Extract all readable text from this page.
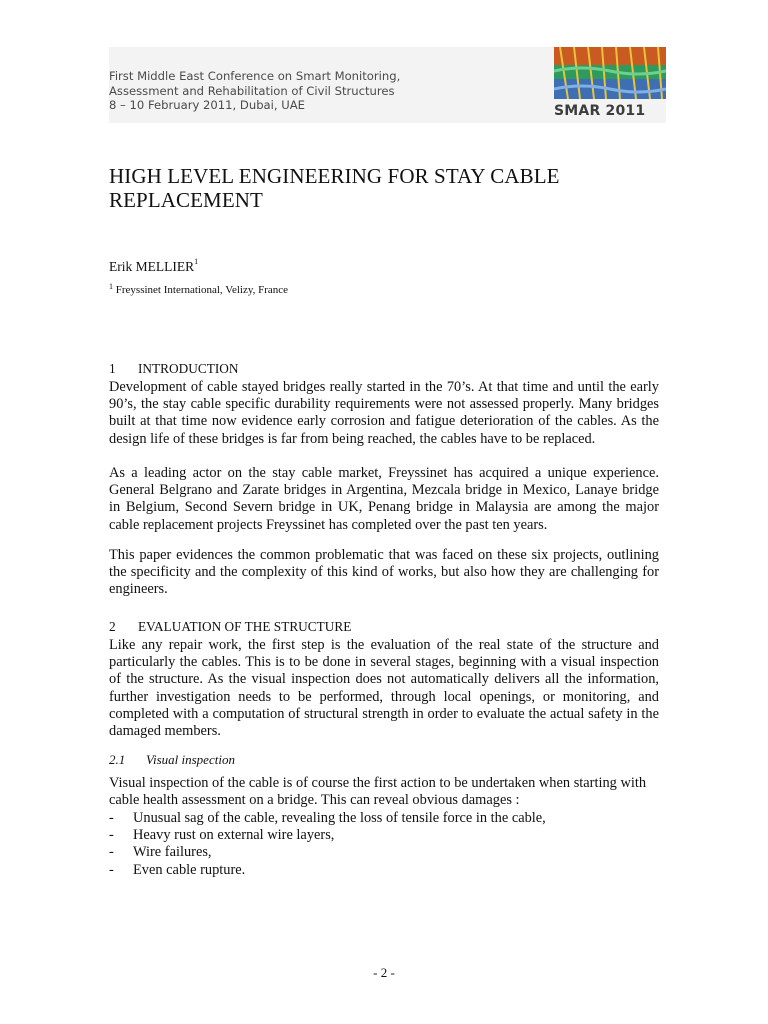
First Middle East Conference on Smart Monitoring,
Assessment and Rehabilitation of Civil Structures
8 – 10 February 2011, Dubai, UAE	SMAR 2011
HIGH LEVEL ENGINEERING FOR STAY CABLE REPLACEMENT
Erik MELLIER$^1$
$^1$ Freyssinet International, Velizy, France
1 INTRODUCTION
Development of cable stayed bridges really started in the 70’s. At that time and until the early 90’s, the stay cable specific durability requirements were not assessed properly. Many bridges built at that time now evidence early corrosion and fatigue deterioration of the cables. As the design life of these bridges is far from being reached, the cables have to be replaced.
As a leading actor on the stay cable market, Freyssinet has acquired a unique experience. General Belgrano and Zarate bridges in Argentina, Mezcala bridge in Mexico, Lanaye bridge in Belgium, Second Severn bridge in UK, Penang bridge in Malaysia are among the major cable replacement projects Freyssinet has completed over the past ten years.
This paper evidences the common problematic that was faced on these six projects, outlining the specificity and the complexity of this kind of works, but also how they are challenging for engineers.
2 EVALUATION OF THE STRUCTURE
Like any repair work, the first step is the evaluation of the real state of the structure and particularly the cables. This is to be done in several stages, beginning with a visual inspection of the structure. As the visual inspection does not automatically delivers all the information, further investigation needs to be performed, through local openings, or monitoring, and completed with a computation of structural strength in order to evaluate the actual safety in the damaged members.
2.1 Visual inspection
Visual inspection of the cable is of course the first action to be undertaken when starting with cable health assessment on a bridge. This can reveal obvious damages :
- Unusual sag of the cable, revealing the loss of tensile force in the cable,
- Heavy rust on external wire layers,
- Wire failures,
- Even cable rupture.
- 2 -
